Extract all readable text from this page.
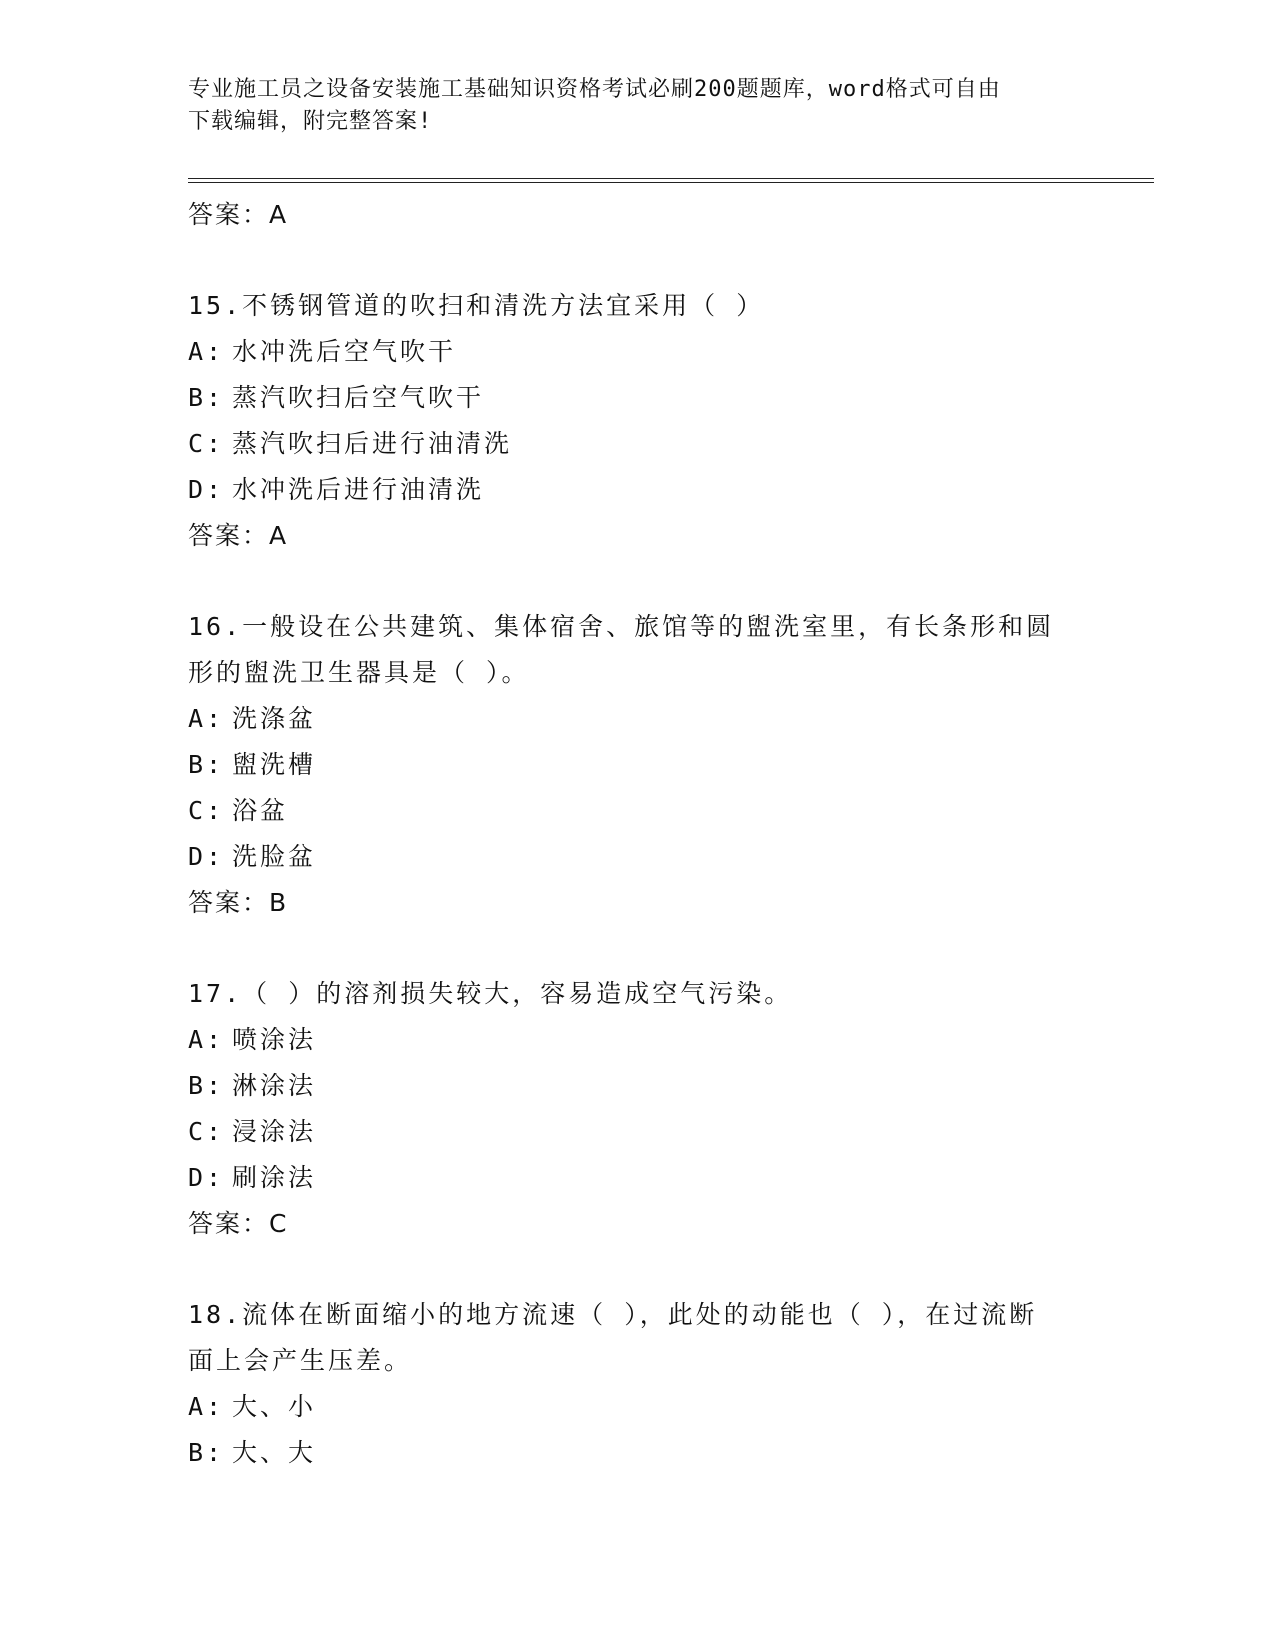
专业施工员之设备安装施工基础知识资格考试必刷200题题库，word格式可自由
下载编辑，附完整答案!
答案：A
15.不锈钢管道的吹扫和清洗方法宜采用（ ）
A: 水冲洗后空气吹干
B: 蒸汽吹扫后空气吹干
C: 蒸汽吹扫后进行油清洗
D: 水冲洗后进行油清洗
答案：A
16.一般设在公共建筑、集体宿舍、旅馆等的盥洗室里，有长条形和圆
形的盥洗卫生器具是（ ）。
A: 洗涤盆
B: 盥洗槽
C: 浴盆
D: 洗脸盆
答案：B
17.（ ）的溶剂损失较大，容易造成空气污染。
A: 喷涂法
B: 淋涂法
C: 浸涂法
D: 刷涂法
答案：C
18.流体在断面缩小的地方流速（ ），此处的动能也（ ），在过流断
面上会产生压差。
A: 大、小
B: 大、大
